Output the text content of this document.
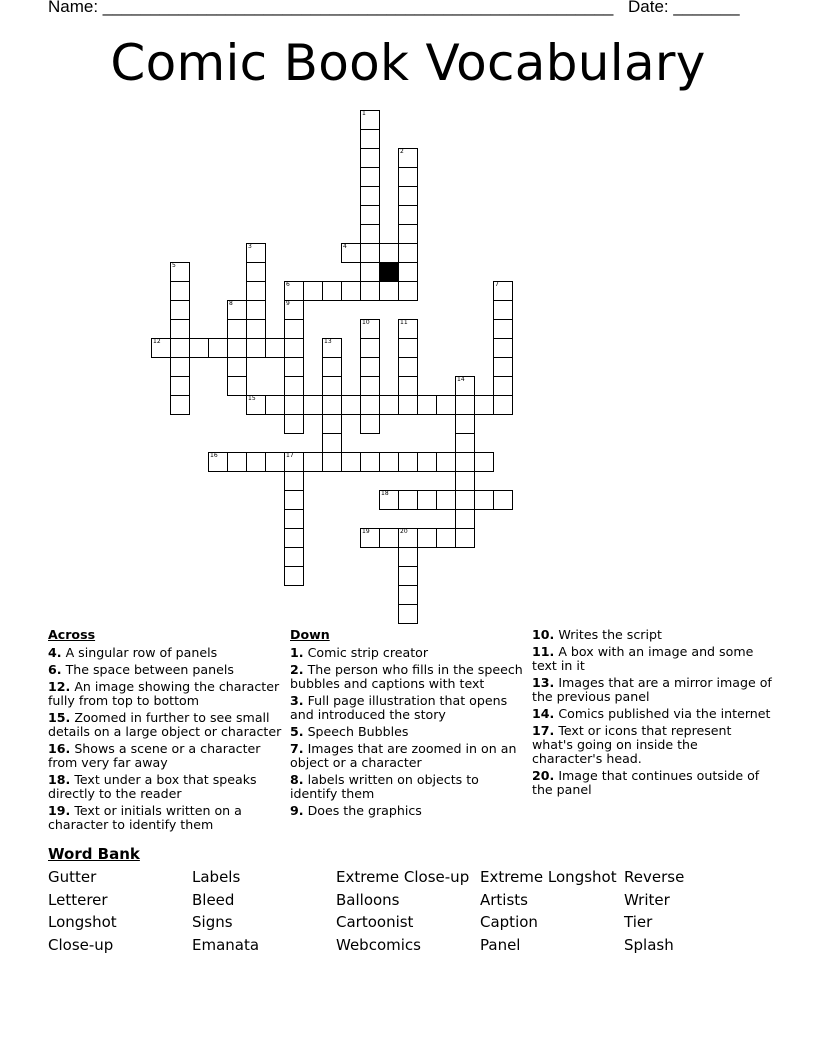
Name: ______________________________________________________ Date: _______
Comic Book Vocabulary
1
2
3	4
5
6	7
8	9
10	11
12	13
14
15
16	17
18
19	20
Across
4. A singular row of panels
6. The space between panels
12. An image showing the character fully from top to bottom
15. Zoomed in further to see small details on a large object or character
16. Shows a scene or a character from very far away
18. Text under a box that speaks directly to the reader
19. Text or initials written on a character to identify them
Down
1. Comic strip creator
2. The person who fills in the speech bubbles and captions with text
3. Full page illustration that opens and introduced the story
5. Speech Bubbles
7. Images that are zoomed in on an object or a character
8. labels written on objects to identify them
9. Does the graphics
10. Writes the script
11. A box with an image and some text in it
13. Images that are a mirror image of the previous panel
14. Comics published via the internet
17. Text or icons that represent what's going on inside the character's head.
20. Image that continues outside of the panel
Word Bank
Gutter
Letterer
Longshot
Close-up
Labels
Bleed
Signs
Emanata
Extreme Close-up
Balloons
Cartoonist
Webcomics
Extreme Longshot
Artists
Caption
Panel
Reverse
Writer
Tier
Splash
